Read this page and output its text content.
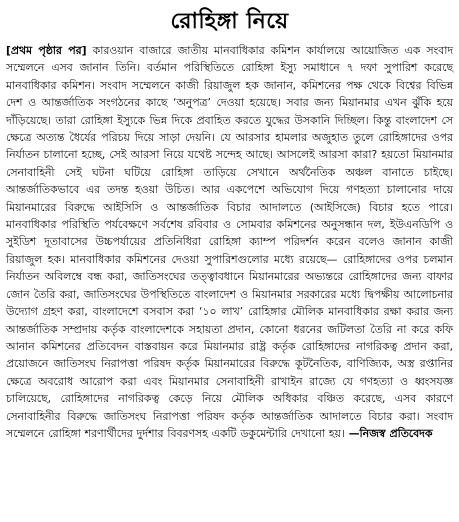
রোহিঙ্গা নিয়ে

[প্রথম পৃষ্ঠার পর] কারওয়ান বাজারে জাতীয় মানবাধিকার কমিশন কার্যালয়ে আয়োজিত এক সংবাদ সম্মেলনে এসব জানান তিনি। বর্তমান পরিস্থিতিতে রোহিঙ্গা ইস্যু সমাধানে ৭ দফা সুপারিশ করেছে মানবাধিকার কমিশন। সংবাদ সম্মেলনে কাজী রিয়াজুল হক জানান, কমিশনের পক্ষ থেকে বিশ্বের বিভিন্ন দেশ ও আন্তর্জাতিক সংগঠনের কাছে ‘অনুপত্র’ দেওয়া হয়েছে। সবার জন্য মিয়ানমার এখন ঝুঁকি হয়ে দাঁড়িয়েছে। তারা রোহিঙ্গা ইস্যুকে ভিন্ন দিকে প্রবাহিত করতে যুদ্ধের উসকানি দিচ্ছিল। কিন্তু বাংলাদেশ সে ক্ষেত্রে অত্যন্ত ধৈর্যের পরিচয় দিয়ে সাড়া দেয়নি। যে আরসার হামলার অজুহাত তুলে রোহিঙ্গাদের ওপর নির্যাতন চালানো হচ্ছে, সেই আরসা নিয়ে যথেষ্ট সন্দেহ আছে। আসলেই আরসা কারা? হয়তো মিয়ানমার সেনাবাহিনী সেই ঘটনা ঘটিয়ে রোহিঙ্গা তাড়িয়ে সেখানে অর্থনৈতিক অঞ্চল বানাতে চাইছে। আন্তর্জাতিকভাবে এর তদন্ত হওয়া উচিত। আর একপেশে অভিযোগ দিয়ে গণহত্যা চালানোর দায়ে মিয়ানমারের বিরুদ্ধে আইসিসি ও আন্তর্জাতিক বিচার আদালতে (আইসিজে) বিচার হতে পারে। মানবাধিকার পরিস্থিতি পর্যবেক্ষণে সর্বশেষ রবিবার ও সোমবার কমিশনের অনুসন্ধান দল, ইউএনডিপি ও সুইডিশ দূতাবাসের উচ্চপর্যায়ের প্রতিনিধিরা রোহিঙ্গা ক্যাম্প পরিদর্শন করেন বলেও জানান কাজী রিয়াজুল হক। মানবাধিকার কমিশনের দেওয়া সুপারিশগুলোর মধ্যে রয়েছে— রোহিঙ্গাদের ওপর চলমান নির্যাতন অবিলম্বে বন্ধ করা, জাতিসংঘের তত্ত্বাবধানে মিয়ানমারের অভ্যন্তরে রোহিঙ্গাদের জন্য বাফার জোন তৈরি করা, জাতিসংঘের উপস্থিতিতে বাংলাদেশ ও মিয়ানমার সরকারের মধ্যে দ্বিপক্ষীয় আলোচনার উদ্যোগ গ্রহণ করা, বাংলাদেশে বসবাস করা ‘১০ লাখ’ রোহিঙ্গার মৌলিক মানবাধিকার রক্ষা করার জন্য আন্তর্জাতিক সম্প্রদায় কর্তৃক বাংলাদেশকে সহায়তা প্রদান, কোনো ধরনের জটিলতা তৈরি না করে কফি আনান কমিশনের প্রতিবেদন বাস্তবায়ন করে মিয়ানমার রাষ্ট্র কর্তৃক রোহিঙ্গাদের নাগরিকত্ব প্রদান করা, প্রয়োজনে জাতিসংঘ নিরাপত্তা পরিষদ কর্তৃক মিয়ানমারের বিরুদ্ধে কূটনৈতিক, বাণিজ্যিক, অস্ত্র রপ্তানির ক্ষেত্রে অবরোধ আরোপ করা এবং মিয়ানমার সেনাবাহিনী রাখাইন রাজ্যে যে গণহত্যা ও ধ্বংসযজ্ঞ চালিয়েছে, রোহিঙ্গাদের নাগরিকত্ব কেড়ে নিয়ে মৌলিক অধিকার বঞ্চিত করেছে, এসব কারণে সেনাবাহিনীর বিরুদ্ধে জাতিসংঘ নিরাপত্তা পরিষদ কর্তৃক আন্তর্জাতিক আদালতে বিচার করা। সংবাদ সম্মেলনে রোহিঙ্গা শরণার্থীদের দুর্দশার বিবরণসহ একটি ডকুমেন্টারি দেখানো হয়। —নিজস্ব প্রতিবেদক
